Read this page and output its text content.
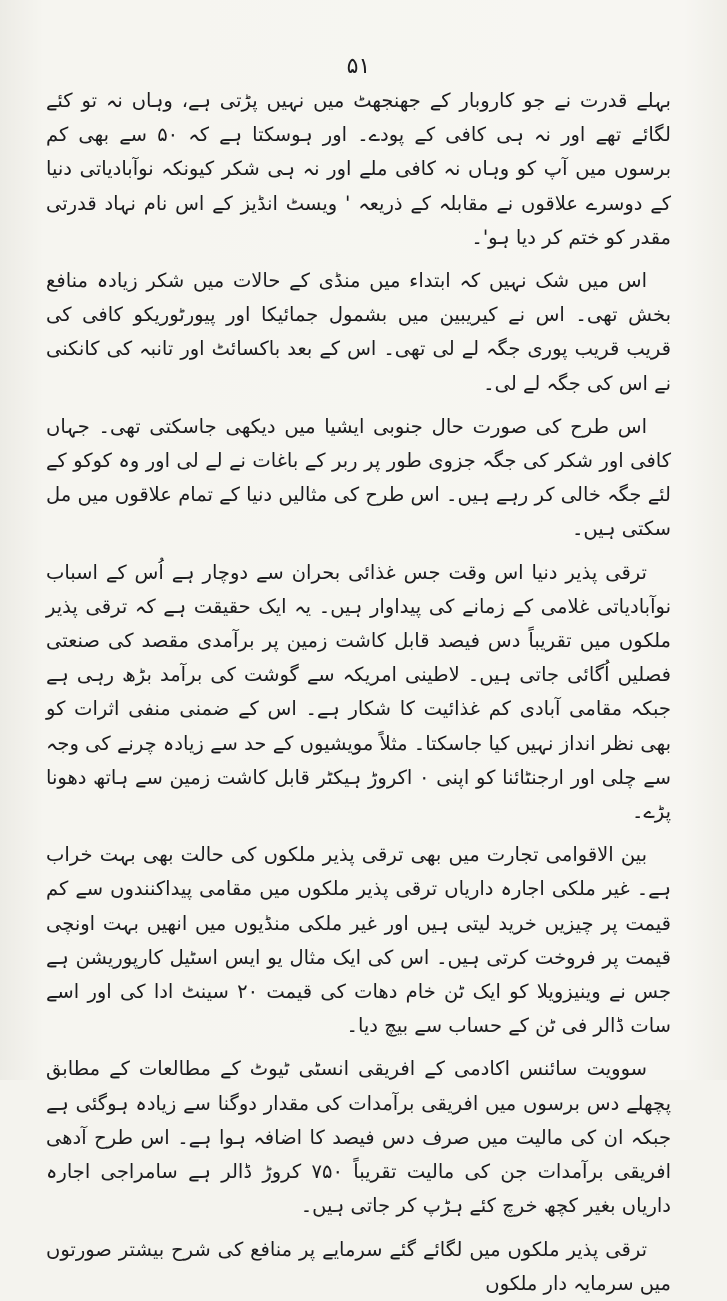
۵۱

بہلے قدرت نے جو کاروبار کے جھنجھٹ میں نہیں پڑتی ہے، وہاں نہ تو کئے لگائے تھے اور نہ ہی کافی کے پودے۔ اور ہوسکتا ہے کہ ۵۰ سے بھی کم برسوں میں آپ کو وہاں نہ کافی ملے اور نہ ہی شکر کیونکہ نوآبادیاتی دنیا کے دوسرے علاقوں نے مقابلہ کے ذریعہ ' ویسٹ انڈیز کے اس نام نہاد قدرتی مقدر کو ختم کر دیا ہو'۔

اس میں شک نہیں کہ ابتداء میں منڈی کے حالات میں شکر زیادہ منافع بخش تھی۔ اس نے کیریبین میں بشمول جمائیکا اور پیورٹوریکو کافی کی قریب قریب پوری جگہ لے لی تھی۔ اس کے بعد باکسائٹ اور تانبہ کی کانکنی نے اس کی جگہ لے لی۔

اس طرح کی صورت حال جنوبی ایشیا میں دیکھی جاسکتی تھی۔ جہاں کافی اور شکر کی جگہ جزوی طور پر ربر کے باغات نے لے لی اور وہ کوکو کے لئے جگہ خالی کر رہے ہیں۔ اس طرح کی مثالیں دنیا کے تمام علاقوں میں مل سکتی ہیں۔

ترقی پذیر دنیا اس وقت جس غذائی بحران سے دوچار ہے اُس کے اسباب نوآبادیاتی غلامی کے زمانے کی پیداوار ہیں۔ یہ ایک حقیقت ہے کہ ترقی پذیر ملکوں میں تقریباً دس فیصد قابل کاشت زمین پر برآمدی مقصد کی صنعتی فصلیں اُگائی جاتی ہیں۔ لاطینی امریکہ سے گوشت کی برآمد بڑھ رہی ہے جبکہ مقامی آبادی کم غذائیت کا شکار ہے۔ اس کے ضمنی منفی اثرات کو بھی نظر انداز نہیں کیا جاسکتا۔ مثلاً مویشیوں کے حد سے زیادہ چرنے کی وجہ سے چلی اور ارجنٹائنا کو اپنی ۰ اکروڑ ہیکٹر قابل کاشت زمین سے ہاتھ دھونا پڑے۔

بین الاقوامی تجارت میں بھی ترقی پذیر ملکوں کی حالت بھی بہت خراب ہے۔ غیر ملکی اجارہ داریاں ترقی پذیر ملکوں میں مقامی پیداکنندوں سے کم قیمت پر چیزیں خرید لیتی ہیں اور غیر ملکی منڈیوں میں انھیں بہت اونچی قیمت پر فروخت کرتی ہیں۔ اس کی ایک مثال یو ایس اسٹیل کارپوریشن ہے جس نے وینیزویلا کو ایک ٹن خام دھات کی قیمت ۲۰ سینٹ ادا کی اور اسے سات ڈالر فی ٹن کے حساب سے بیچ دیا۔

سوویت سائنس اکادمی کے افریقی انسٹی ٹیوٹ کے مطالعات کے مطابق پچھلے دس برسوں میں افریقی برآمدات کی مقدار دوگنا سے زیادہ ہوگئی ہے جبکہ ان کی مالیت میں صرف دس فیصد کا اضافہ ہوا ہے۔ اس طرح آدھی افریقی برآمدات جن کی مالیت تقریباً ۷۵۰ کروڑ ڈالر ہے سامراجی اجارہ داریاں بغیر کچھ خرچ کئے ہڑپ کر جاتی ہیں۔

ترقی پذیر ملکوں میں لگائے گئے سرمایے پر منافع کی شرح بیشتر صورتوں میں سرمایہ دار ملکوں
